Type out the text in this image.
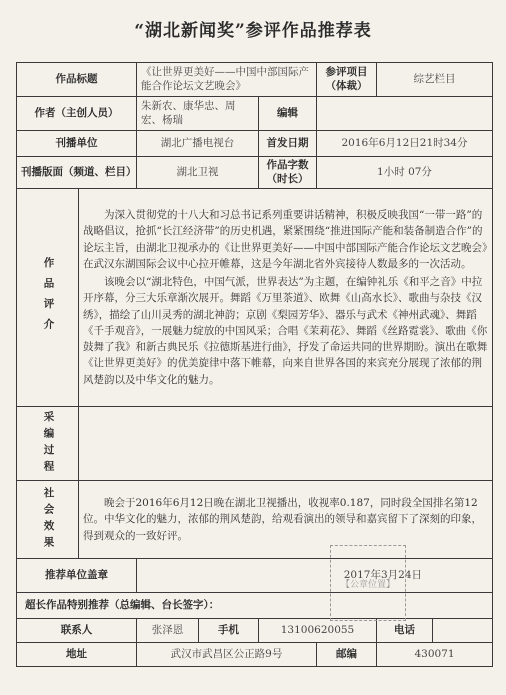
“湖北新闻奖”参评作品推荐表
作品标题		《让世界更美好——中国中部国际产能合作论坛文艺晚会》			参评项目（体裁）	综艺栏目	
作者（主创人员）		朱新农、康华忠、周宏、杨瑞		编辑			
刊播单位		湖北广播电视台		首发日期	2016年6月12日21时34分		
刊播版面（频道、栏目）		湖北卫视		作品字数（时长）	1小时 07分		

作品评介	为深入贯彻党的十八大和习总书记系列重要讲话精神，积极反映我国“一带一路”的战略倡议，抢抓“长江经济带”的历史机遇，紧紧围绕“推进国际产能和装备制造合作”的论坛主旨，由湖北卫视承办的《让世界更美好——中国中部国际产能合作论坛文艺晚会》在武汉东湖国际会议中心拉开帷幕，这是今年湖北省外宾接待人数最多的一次活动。

该晚会以“湖北特色，中国气派，世界表达”为主题，在编钟礼乐《和平之音》中拉开序幕，分三大乐章渐次展开。舞蹈《万里茶道》、欧舞《山高水长》、歌曲与杂技《汉绣》，描绘了山川灵秀的湖北神韵；京剧《梨园芳华》、器乐与武术《神州武魂》、舞蹈《千手观音》，一展魅力绽放的中国风采；合唱《茉莉花》、舞蹈《丝路霓裳》、歌曲《你鼓舞了我》和新古典民乐《拉德斯基进行曲》，抒发了命运共同的世界期盼。演出在歌舞《让世界更美好》的优美旋律中落下帷幕，向来自世界各国的来宾充分展现了浓郁的荆风楚韵以及中华文化的魅力。						

采编过程							

社会效果	晚会于2016年6月12日晚在湖北卫视播出，收视率0.187，同时段全国排名第12位。中华文化的魅力，浓郁的荆风楚韵，给观看演出的领导和嘉宾留下了深刻的印象，得到观众的一致好评。						

推荐单位盖章		2017年3月24日					
超长作品特别推荐（总编辑、台长签字）：							
联系人		张泽恩	手机	13100620055		电话	
地址		武汉市武昌区公正路9号			邮编	430071	
【公章位置】
